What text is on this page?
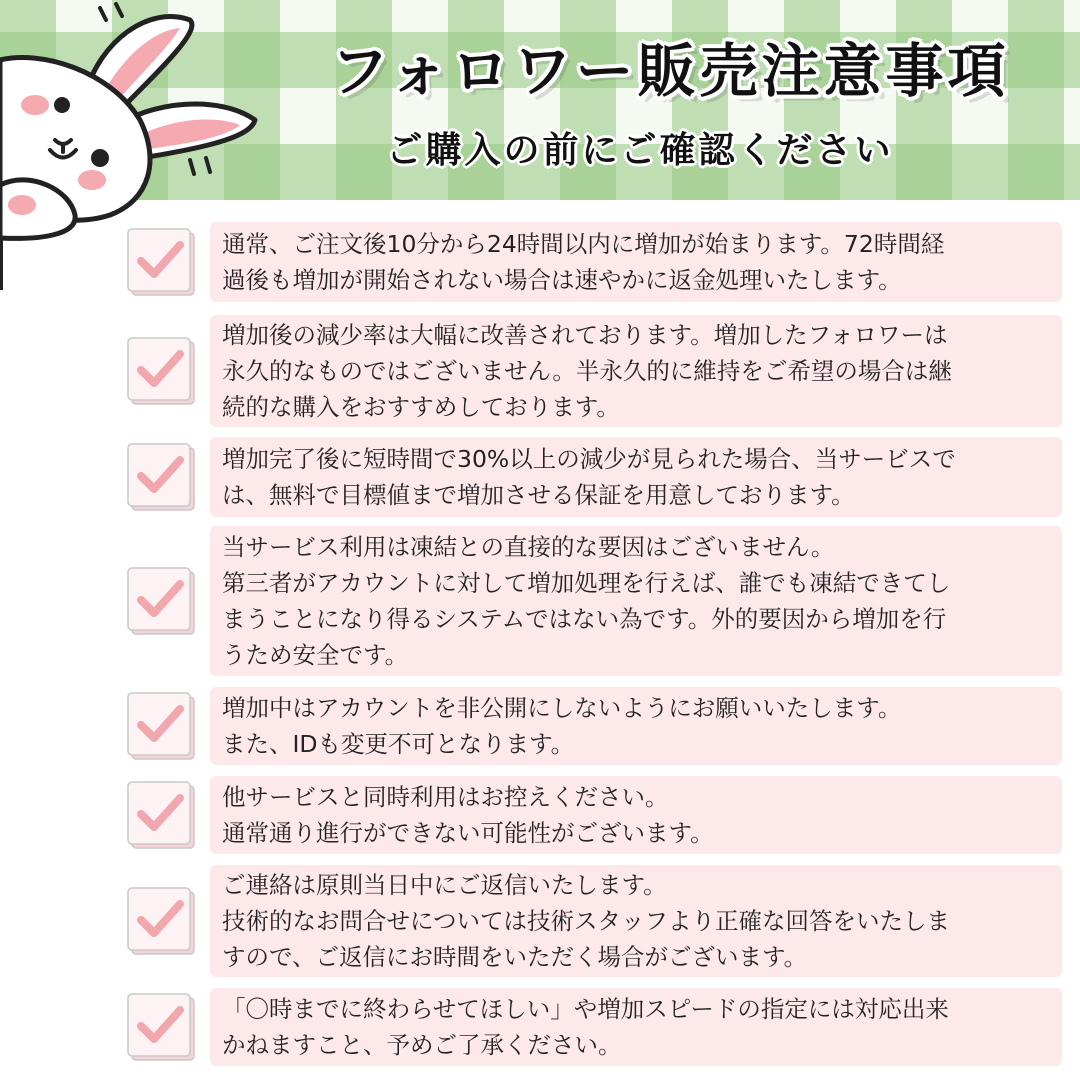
フォロワー販売注意事項
ご購入の前にご確認ください
通常、ご注文後10分から24時間以内に増加が始まります。72時間経
過後も増加が開始されない場合は速やかに返金処理いたします。
増加後の減少率は大幅に改善されております。増加したフォロワーは
永久的なものではございません。半永久的に維持をご希望の場合は継
続的な購入をおすすめしております。
増加完了後に短時間で30%以上の減少が見られた場合、当サービスで
は、無料で目標値まで増加させる保証を用意しております。
当サービス利用は凍結との直接的な要因はございません。
第三者がアカウントに対して増加処理を行えば、誰でも凍結できてし
まうことになり得るシステムではない為です。外的要因から増加を行
うため安全です。
増加中はアカウントを非公開にしないようにお願いいたします。
また、IDも変更不可となります。
他サービスと同時利用はお控えください。
通常通り進行ができない可能性がございます。
ご連絡は原則当日中にご返信いたします。
技術的なお問合せについては技術スタッフより正確な回答をいたしま
すので、ご返信にお時間をいただく場合がございます。
「〇時までに終わらせてほしい」や増加スピードの指定には対応出来
かねますこと、予めご了承ください。
